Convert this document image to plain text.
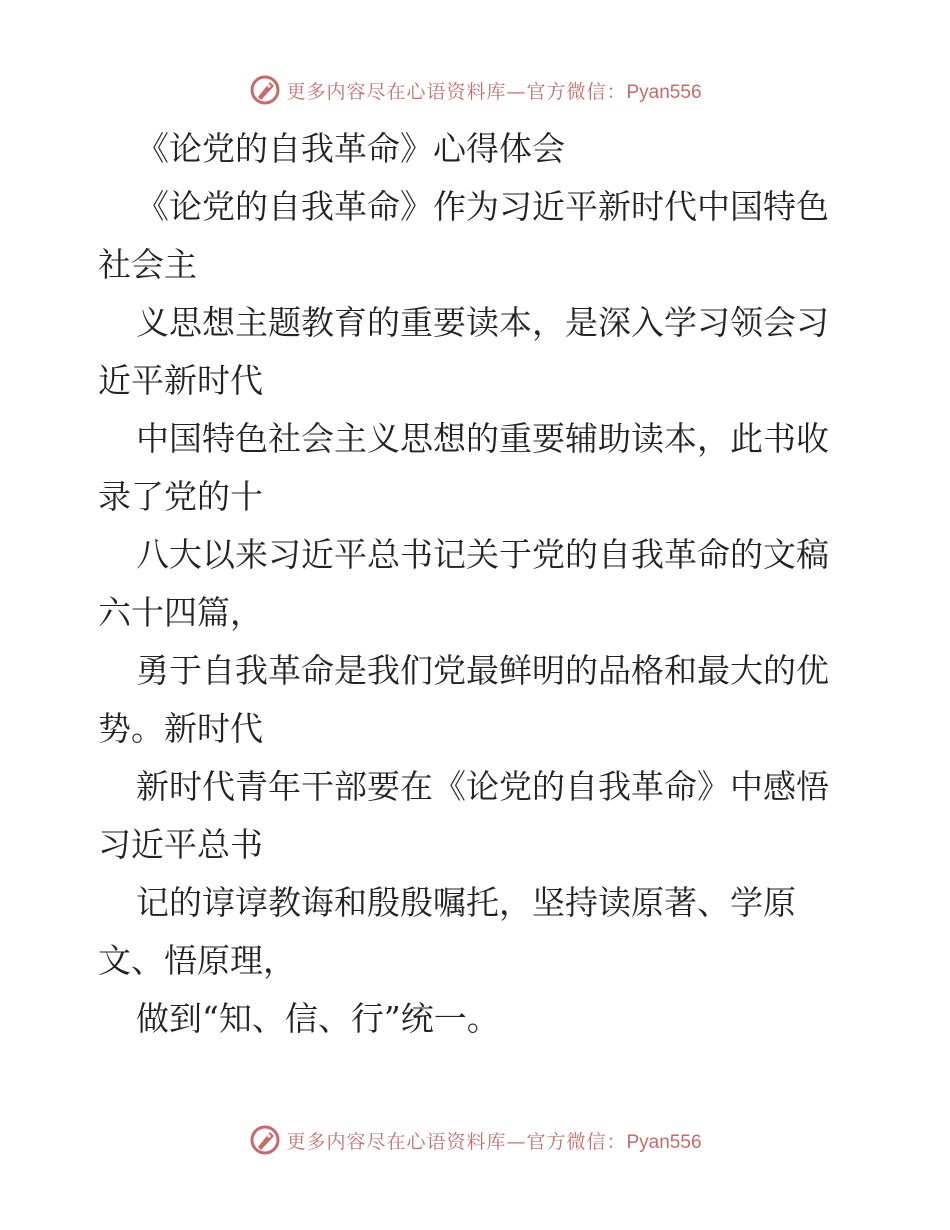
更多内容尽在心语资料库—官方微信：Pyan556

《论党的自我革命》心得体会

《论党的自我革命》作为习近平新时代中国特色

社会主

义思想主题教育的重要读本，是深入学习领会习

近平新时代

中国特色社会主义思想的重要辅助读本，此书收

录了党的十

八大以来习近平总书记关于党的自我革命的文稿

六十四篇，

勇于自我革命是我们党最鲜明的品格和最大的优

势。新时代

新时代青年干部要在《论党的自我革命》中感悟

习近平总书

记的谆谆教诲和殷殷嘱托，坚持读原著、学原

文、悟原理，

做到“知、信、行”统一。

更多内容尽在心语资料库—官方微信：Pyan556
